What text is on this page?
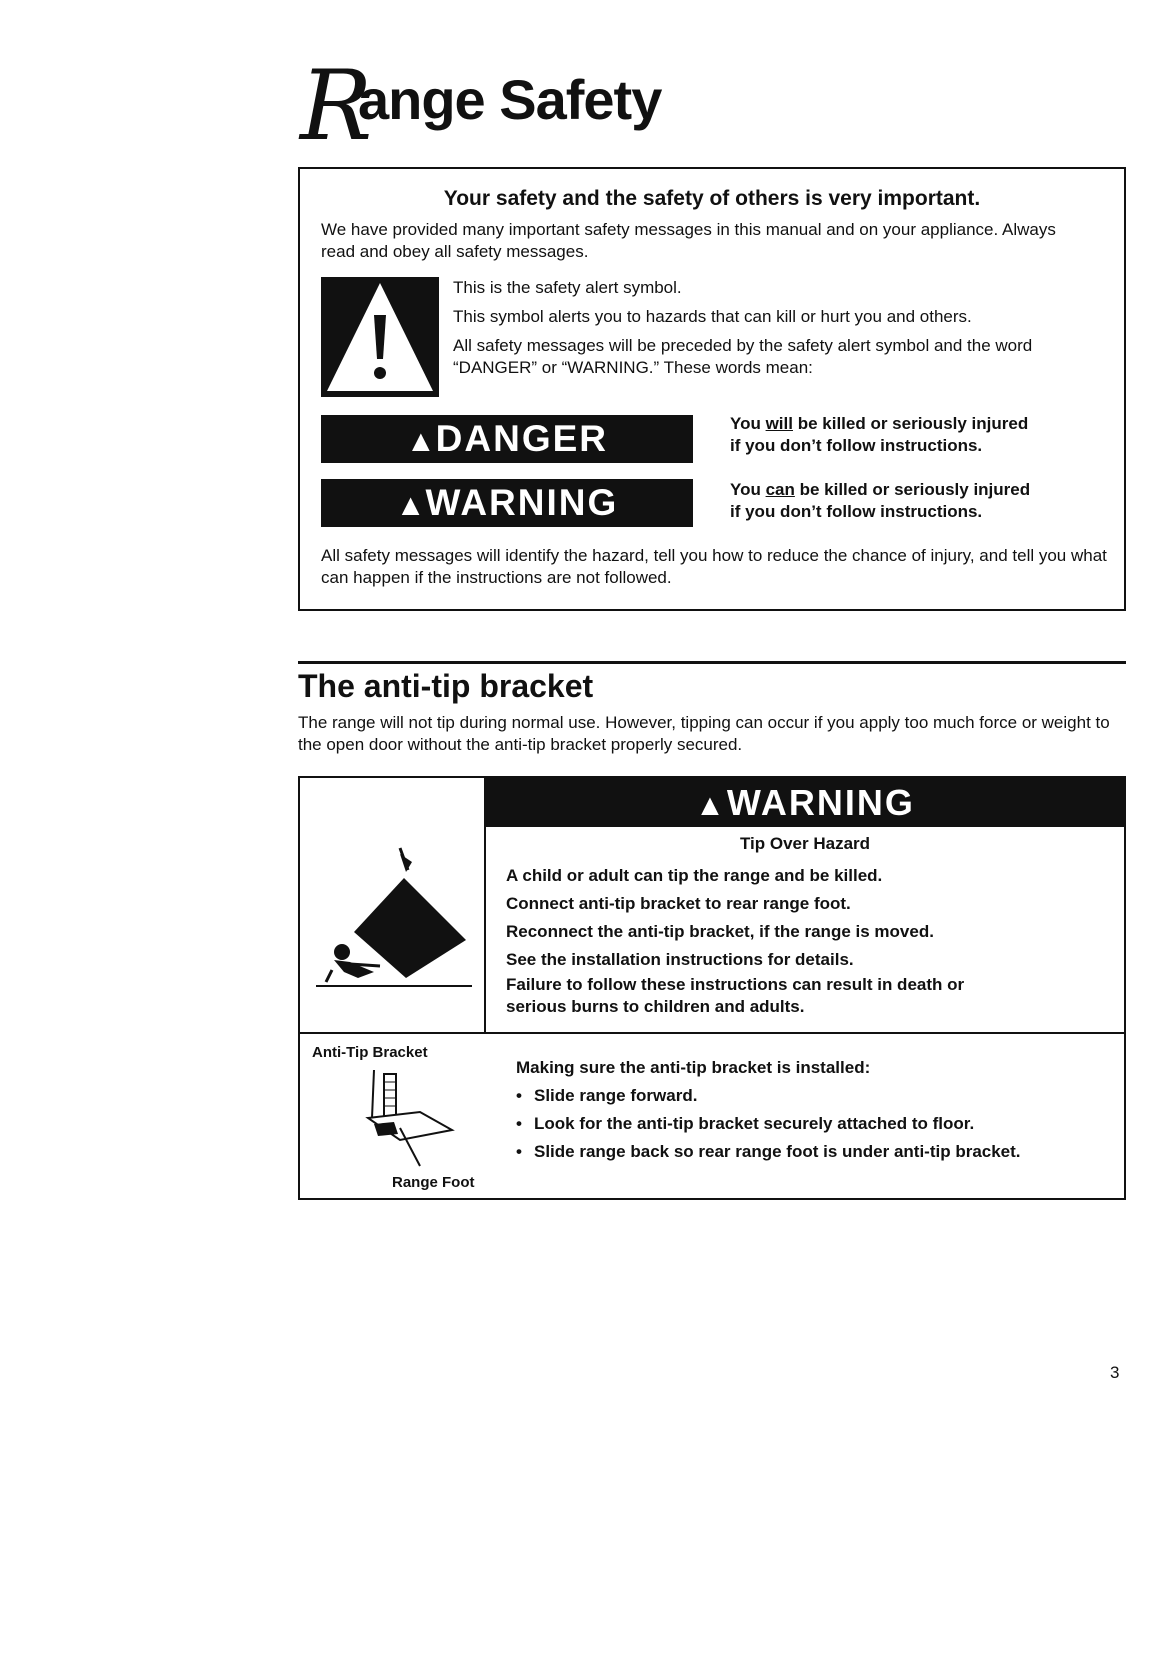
R
ange Safety
Your safety and the safety of others is very important.
We have provided many important safety messages in this manual and on your appliance. Always read and obey all safety messages.

This is the safety alert symbol.

This symbol alerts you to hazards that can kill or hurt you and others.

All safety messages will be preceded by the safety alert symbol and the word “DANGER” or “WARNING.” These words mean:

▲DANGER	You will be killed or seriously injured
if you don’t follow instructions.
▲WARNING	You can be killed or seriously injured
if you don’t follow instructions.
All safety messages will identify the hazard, tell you how to reduce the chance of injury, and tell you what can happen if the instructions are not followed.
The anti-tip bracket
The range will not tip during normal use. However, tipping can occur if you apply too much force or weight to the open door without the anti-tip bracket properly secured.
▲WARNING
Tip Over Hazard
A child or adult can tip the range and be killed.
Connect anti-tip bracket to rear range foot.
Reconnect the anti-tip bracket, if the range is moved.
See the installation instructions for details.
Failure to follow these instructions can result in death or
serious burns to children and adults.
Anti-Tip Bracket
Range Foot
Making sure the anti-tip bracket is installed:
• Slide range forward.
• Look for the anti-tip bracket securely attached to floor.
• Slide range back so rear range foot is under anti-tip bracket.
3
